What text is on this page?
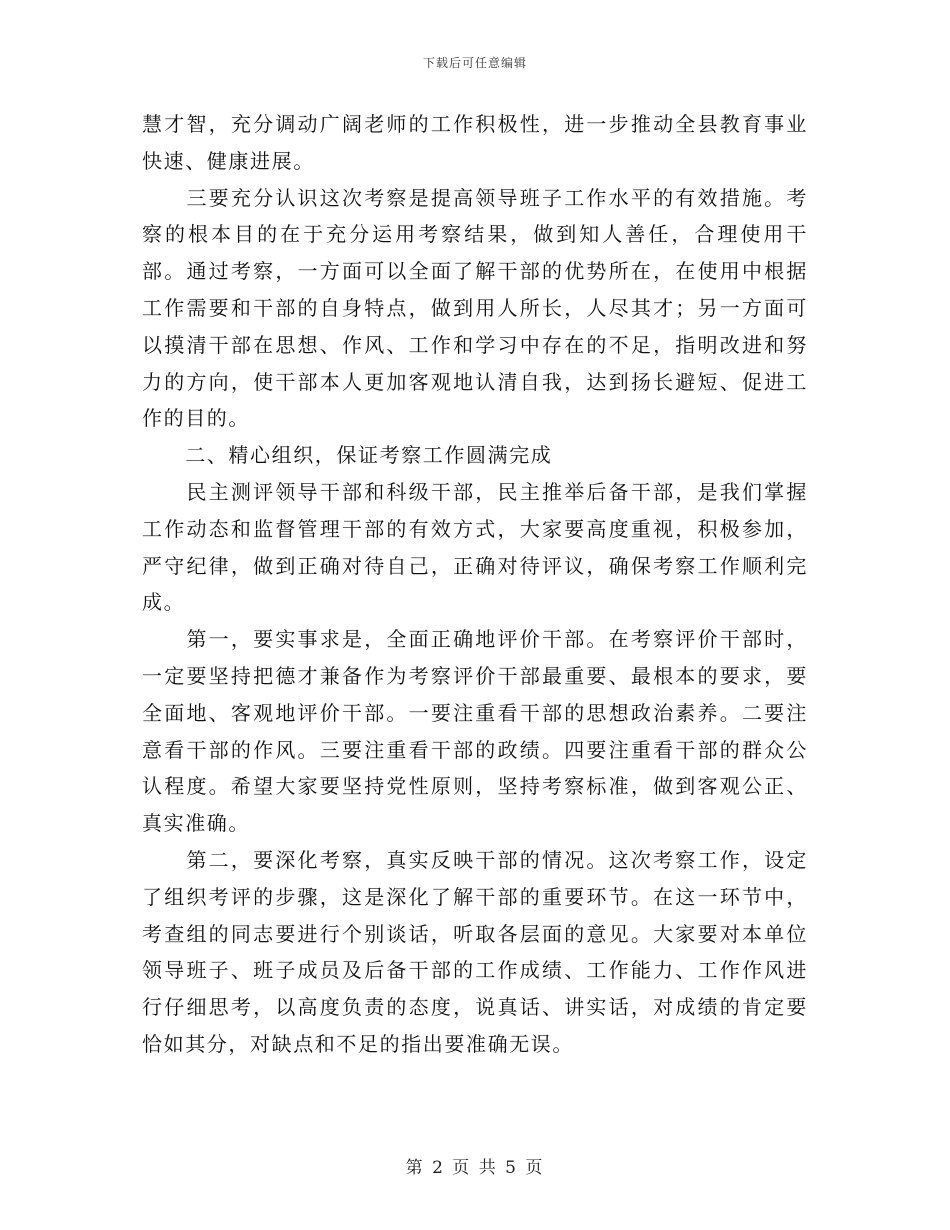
下载后可任意编辑

慧才智，充分调动广阔老师的工作积极性，进一步推动全县教育事业快速、健康进展。

　　三要充分认识这次考察是提高领导班子工作水平的有效措施。考察的根本目的在于充分运用考察结果，做到知人善任，合理使用干部。通过考察，一方面可以全面了解干部的优势所在，在使用中根据工作需要和干部的自身特点，做到用人所长，人尽其才；另一方面可以摸清干部在思想、作风、工作和学习中存在的不足，指明改进和努力的方向，使干部本人更加客观地认清自我，达到扬长避短、促进工作的目的。

　　二、精心组织，保证考察工作圆满完成

　　民主测评领导干部和科级干部，民主推举后备干部，是我们掌握工作动态和监督管理干部的有效方式，大家要高度重视，积极参加，严守纪律，做到正确对待自己，正确对待评议，确保考察工作顺利完成。

　　第一，要实事求是，全面正确地评价干部。在考察评价干部时，一定要坚持把德才兼备作为考察评价干部最重要、最根本的要求，要全面地、客观地评价干部。一要注重看干部的思想政治素养。二要注意看干部的作风。三要注重看干部的政绩。四要注重看干部的群众公认程度。希望大家要坚持党性原则，坚持考察标准，做到客观公正、真实准确。

　　第二，要深化考察，真实反映干部的情况。这次考察工作，设定了组织考评的步骤，这是深化了解干部的重要环节。在这一环节中，考查组的同志要进行个别谈话，听取各层面的意见。大家要对本单位领导班子、班子成员及后备干部的工作成绩、工作能力、工作作风进行仔细思考，以高度负责的态度，说真话、讲实话，对成绩的肯定要恰如其分，对缺点和不足的指出要准确无误。

第 2 页 共 5 页
